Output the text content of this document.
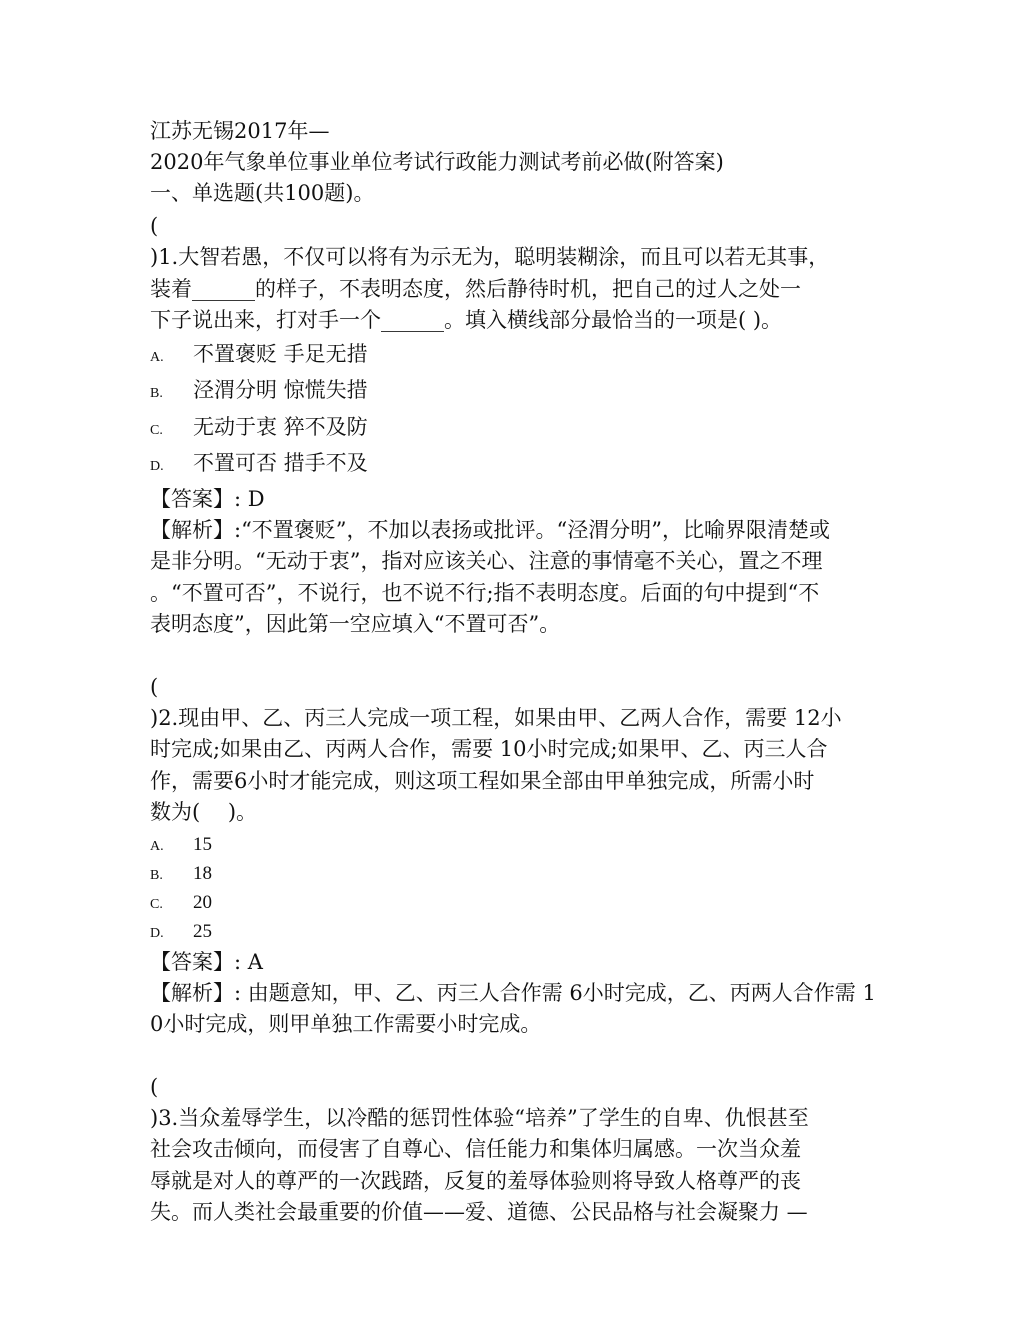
江苏无锡2017年—
2020年气象单位事业单位考试行政能力测试考前必做(附答案)
一、单选题(共100题)。
(
)1.大智若愚，不仅可以将有为示无为，聪明装糊涂，而且可以若无其事，
装着______的样子，不表明态度，然后静待时机，把自己的过人之处一
下子说出来，打对手一个______。填入横线部分最恰当的一项是( )。
A.	不置褒贬 手足无措
B.	泾渭分明 惊慌失措
C.	无动于衷 猝不及防
D.	不置可否 措手不及
【答案】: D
【解析】:“不置褒贬”，不加以表扬或批评。“泾渭分明”，比喻界限清楚或
是非分明。“无动于衷”，指对应该关心、注意的事情毫不关心，置之不理
。“不置可否”，不说行，也不说不行;指不表明态度。后面的句中提到“不
表明态度”，因此第一空应填入“不置可否”。
(
)2.现由甲、乙、丙三人完成一项工程，如果由甲、乙两人合作，需要 12小
时完成;如果由乙、丙两人合作，需要 10小时完成;如果甲、乙、丙三人合
作，需要6小时才能完成，则这项工程如果全部由甲单独完成，所需小时
数为(　 )。
A.	15
B.	18
C.	20
D.	25
【答案】: A
【解析】: 由题意知，甲、乙、丙三人合作需 6小时完成，乙、丙两人合作需 1
0小时完成，则甲单独工作需要小时完成。
(
)3.当众羞辱学生，以冷酷的惩罚性体验“培养”了学生的自卑、仇恨甚至
社会攻击倾向，而侵害了自尊心、信任能力和集体归属感。一次当众羞
辱就是对人的尊严的一次践踏，反复的羞辱体验则将导致人格尊严的丧
失。而人类社会最重要的价值——爱、道德、公民品格与社会凝聚力 —
